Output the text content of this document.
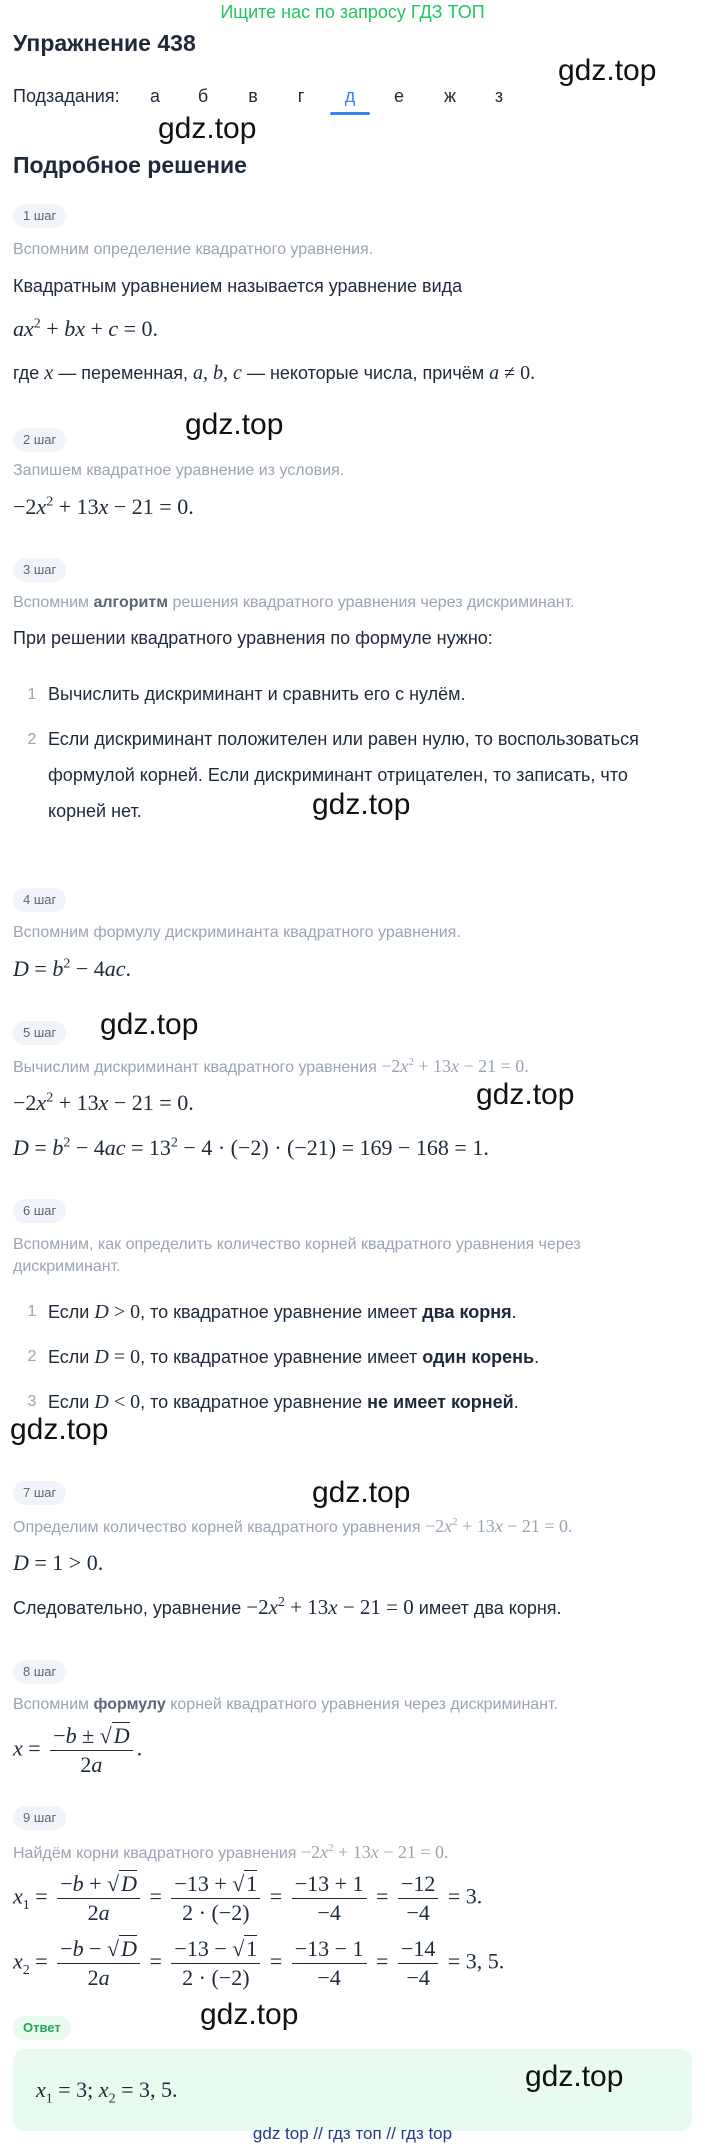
Ищите нас по запросу ГДЗ ТОП
Упражнение 438
gdz.top
Подзадания:	а	б	в	г	д	е	ж	з
gdz.top
Подробное решение
1 шаг
Вспомним определение квадратного уравнения.
Квадратным уравнением называется уравнение вида
$ax^2$ + bx + c = 0.
где x — переменная, a, b, c — некоторые числа, причём a ≠ 0.
gdz.top
2 шаг
Запишем квадратное уравнение из условия.
$-2x^2 + 13x - 21 = 0$.
3 шаг
Вспомним алгоритм решения квадратного уравнения через дискриминант.
При решении квадратного уравнения по формуле нужно:
1 Вычислить дискриминант и сравнить его с нулём.
2 Если дискриминант положителен или равен нулю, то воспользоваться формулой корней. Если дискриминант отрицателен, то записать, что корней нет.	gdz.top
4 шаг
Вспомним формулу дискриминанта квадратного уравнения.
$D = b^2 - 4ac$.
5 шаг	gdz.top
Вычислим дискриминант квадратного уравнения $-2x^2 + 13x - 21 = 0$.
gdz.top
$-2x^2 + 13x - 21 = 0$.
$D = b^2 - 4ac = 13^2 - 4 \cdot (-2) \cdot (-21) = 169 - 168 = 1$.
6 шаг
Вспомним, как определить количество корней квадратного уравнения через дискриминант.
1 Если D > 0, то квадратное уравнение имеет два корня.
2 Если D = 0, то квадратное уравнение имеет один корень.
3 Если D < 0, то квадратное уравнение не имеет корней.
gdz.top
7 шаг	gdz.top
Определим количество корней квадратного уравнения $-2x^2 + 13x - 21 = 0$.
D = 1 > 0.
Следовательно, уравнение $-2x^2 + 13x - 21 = 0$ имеет два корня.
8 шаг
Вспомним формулу корней квадратного уравнения через дискриминант.
$x = \frac{-b \pm √D}{2a}$ .
9 шаг
Найдём корни квадратного уравнения $-2x^2 + 13x - 21 = 0$.
$x_1 = \frac{-b + √D}{2a} = \frac{-13 + √1}{2 \cdot (-2)} = \frac{-13 + 1}{-4} = \frac{-12}{-4} = 3$.
$x_2 = \frac{-b - √D}{2a} = \frac{-13 - √1}{2 \cdot (-2)} = \frac{-13 - 1}{-4} = \frac{-14}{-4} = 3$, 5.
gdz.top
Ответ
$x_1 = 3$; $x_2 = 3$, 5.	gdz.top
gdz top // гдз топ // гдз top
